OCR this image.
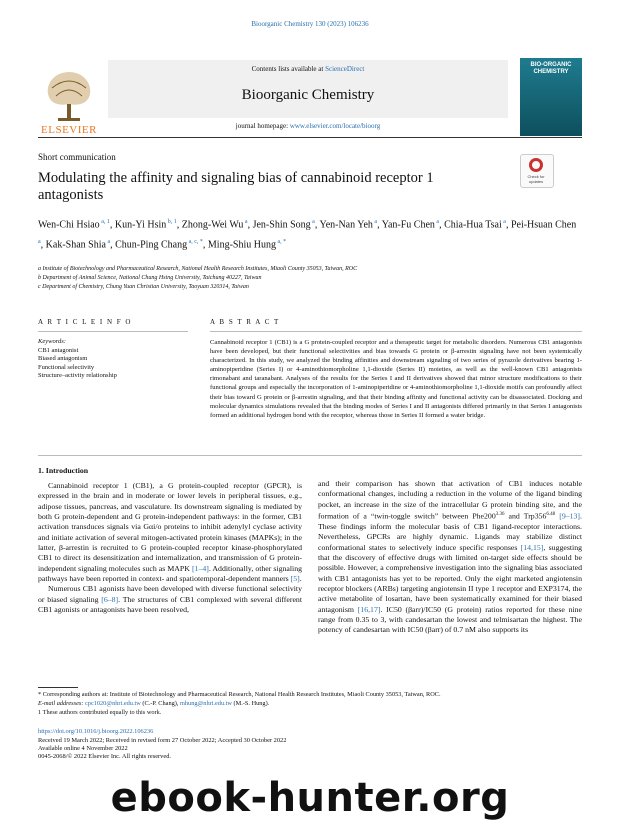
Bioorganic Chemistry 130 (2023) 106236
ELSEVIER
Contents lists available at ScienceDirect
Bioorganic Chemistry
journal homepage: www.elsevier.com/locate/bioorg
BIO-ORGANIC CHEMISTRY
Short communication
Modulating the affinity and signaling bias of cannabinoid receptor 1 antagonists
Check for updates
Wen-Chi Hsiao $^{a, 1}$, Kun-Yi Hsin $^{b, 1}$, Zhong-Wei Wu $^a$, Jen-Shin Song $^a$, Yen-Nan Yeh $^a$, Yan-Fu Chen $^a$, Chia-Hua Tsai $^a$, Pei-Hsuan Chen $^a$, Kak-Shan Shia $^a$, Chun-Ping Chang $^{a, c, *}$, Ming-Shiu Hung $^{a, *}$
a Institute of Biotechnology and Pharmaceutical Research, National Health Research Institutes, Miaoli County 35053, Taiwan, ROC
b Department of Animal Science, National Chung Hsing University, Taichung 40227, Taiwan
c Department of Chemistry, Chung Yuan Christian University, Taoyuan 320314, Taiwan
A R T I C L E I N F O	A B S T R A C T
Keywords:
CB1 antagonist
Biased antagonism
Functional selectivity
Structure–activity relationship
Cannabinoid receptor 1 (CB1) is a G protein-coupled receptor and a therapeutic target for metabolic disorders. Numerous CB1 antagonists have been developed, but their functional selectivities and bias towards G protein or β-arrestin signaling have not been systemically characterized. In this study, we analyzed the binding affinities and downstream signaling of two series of pyrazole derivatives bearing 1-aminopiperidine (Series I) or 4-aminothiomorpholine 1,1-dioxide (Series II) moieties, as well as the well-known CB1 antagonists rimonabant and taranabant. Analyses of the results for the Series I and II derivatives showed that minor structure modifications to their functional groups and especially the incorporation of 1-aminopiperidine or 4-aminothiomorpholine 1,1-dioxide motifs can profoundly affect their bias toward G protein or β-arrestin signaling, and that their binding affinity and functional activity can be disassociated. Docking and molecular dynamics simulations revealed that the binding modes of Series I and II antagonists differed primarily in that Series I antagonists formed an additional hydrogen bond with the receptor, whereas those in Series II formed a water bridge.
1. Introduction

Cannabinoid receptor 1 (CB1), a G protein-coupled receptor (GPCR), is expressed in the brain and in moderate or lower levels in peripheral tissues, e.g., adipose tissues, pancreas, and vasculature. Its downstream signaling is mediated by both G protein-dependent and G protein-independent pathways: in the former, CB1 activation transduces signals via Gαi/o proteins to inhibit adenylyl cyclase activity and initiate activation of several mitogen-activated protein kinases (MAPKs); in the latter, β-arrestin is recruited to G protein-coupled receptor kinase-phosphorylated CB1 to direct its desensitization and internalization, and transmission of G protein-independent signaling molecules such as MAPK [1–4]. Additionally, other signaling pathways have been reported in context- and spatiotemporal-dependent manners [5].

Numerous CB1 agonists have been developed with diverse functional selectivity or biased signaling [6–8]. The structures of CB1 complexed with several different CB1 agonists or antagonists have been resolved,

and their comparison has shown that activation of CB1 induces notable conformational changes, including a reduction in the volume of the ligand binding pocket, an increase in the size of the intracellular G protein binding site, and the formation of a “twin-toggle switch” between $Phe200^{3.36}$ and $Trp356^{6.48}$ [9–13]. These findings inform the molecular basis of CB1 ligand-receptor interactions. Nevertheless, GPCRs are highly dynamic. Ligands may stabilize distinct conformational states to selectively induce specific responses [14,15], suggesting that the discovery of effective drugs with limited on-target side effects should be possible. However, a comprehensive investigation into the signaling bias associated with CB1 antagonists has yet to be reported. Only the eight marketed angiotensin receptor blockers (ARBs) targeting angiotensin II type 1 receptor and EXP3174, the active metabolite of losartan, have been systematically examined for their biased antagonism [16,17]. IC50 (βarr)/IC50 (G protein) ratios reported for these nine range from 0.35 to 3, with candesartan the lowest and telmisartan the highest. The potency of candesartan with IC50 (βarr) of 0.7 nM also supports its

* Corresponding authors at: Institute of Biotechnology and Pharmaceutical Research, National Health Research Institutes, Miaoli County 35053, Taiwan, ROC.
E-mail addresses: cpc1020@nhri.edu.tw (C.-P. Chang), mhung@nhri.edu.tw (M.-S. Hung).
1 These authors contributed equally to this work.
https://doi.org/10.1016/j.bioorg.2022.106236
Received 19 March 2022; Received in revised form 27 October 2022; Accepted 30 October 2022
Available online 4 November 2022
0045-2068/© 2022 Elsevier Inc. All rights reserved.
ebook-hunter.org
